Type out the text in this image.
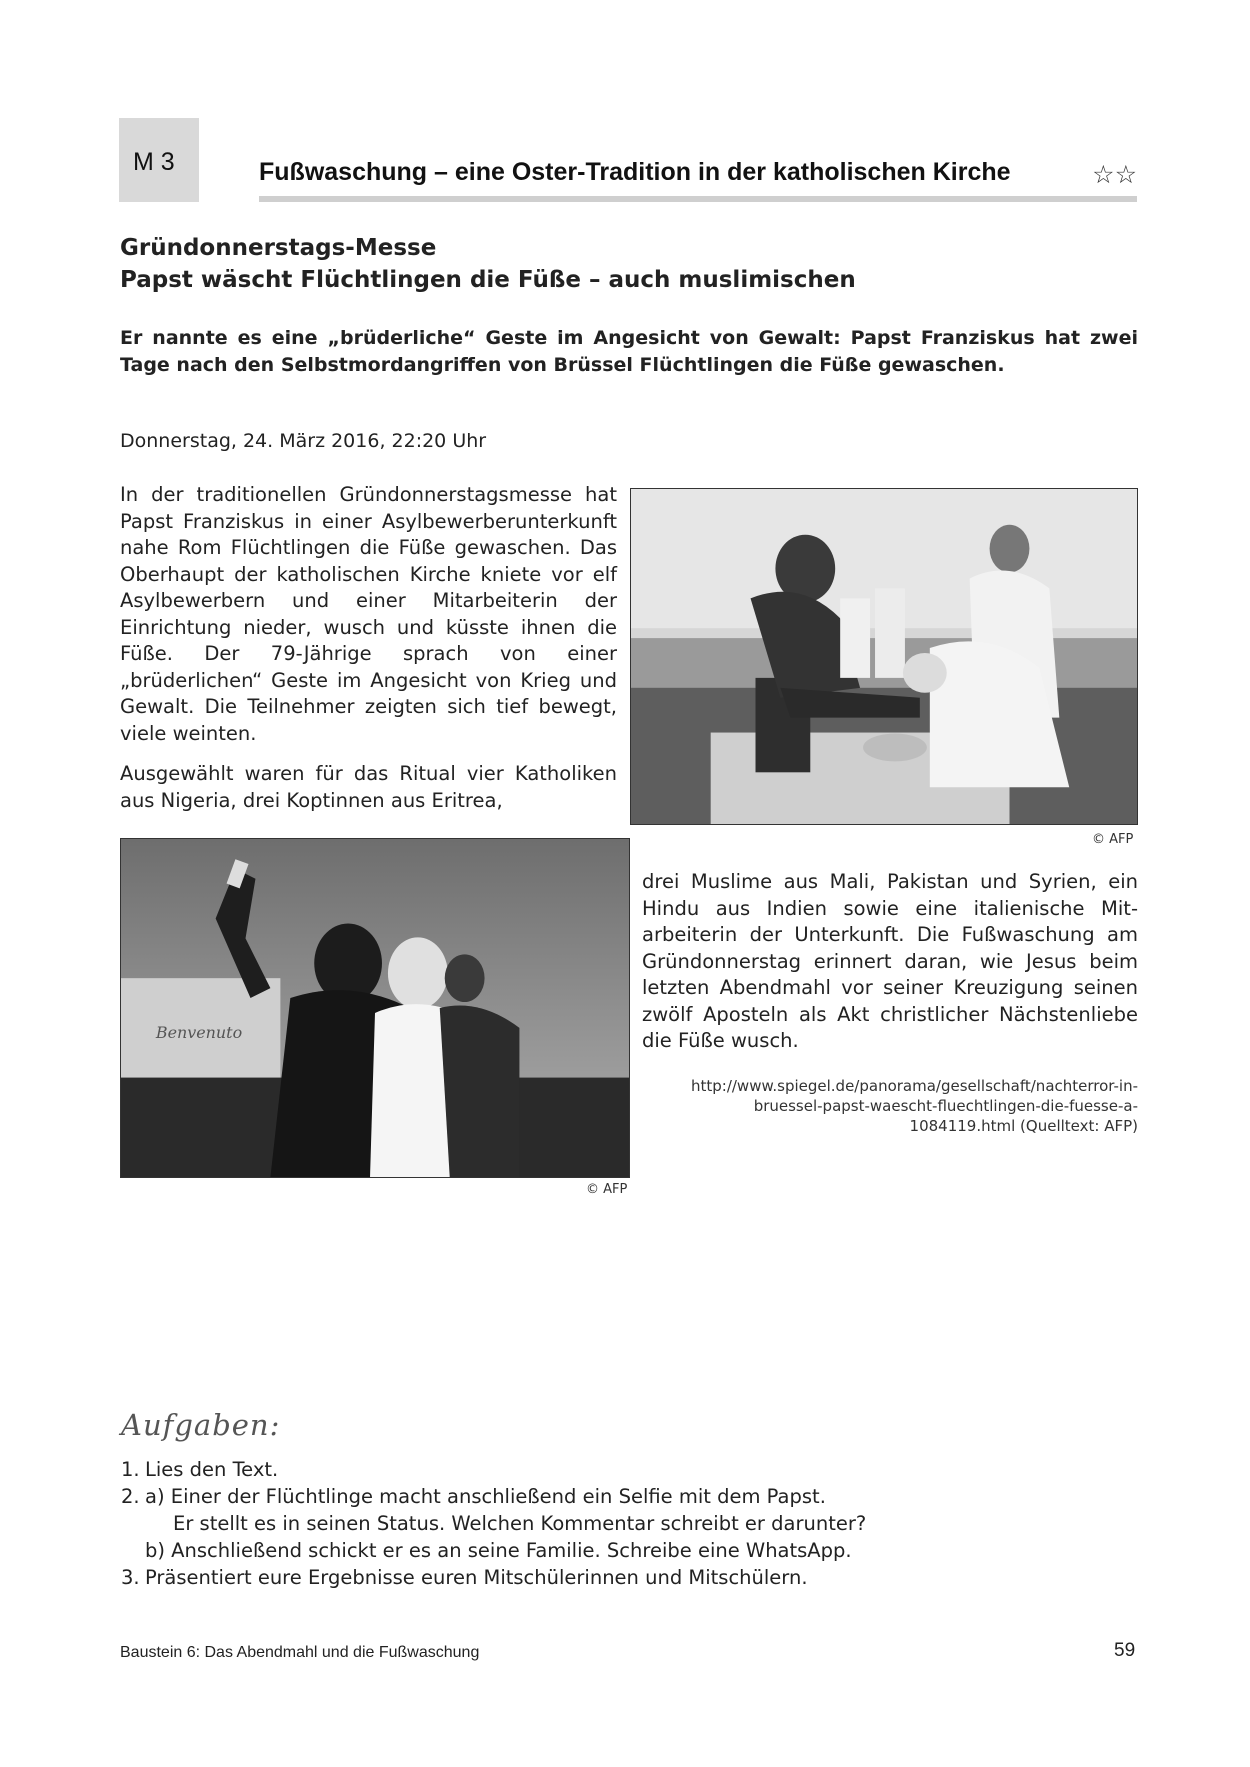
M 3	Fußwaschung – eine Oster-Tradition in der katholischen Kirche	☆☆
Gründonnerstags-Messe
Papst wäscht Flüchtlingen die Füße – auch muslimischen
Er nannte es eine „brüderliche“ Geste im Angesicht von Gewalt: Papst Franziskus hat zwei Tage nach den Selbstmordangriffen von Brüssel Flüchtlingen die Füße gewaschen.
Donnerstag, 24. März 2016, 22:20 Uhr

In der traditionellen Gründonnerstagsmesse hat Papst Franziskus in einer Asylbewerberunterkunft nahe Rom Flüchtlingen die Füße gewaschen. Das Oberhaupt der katholischen Kirche kniete vor elf Asylbewerbern und einer Mitarbeiterin der Einrichtung nieder, wusch und küsste ihnen die Füße. Der 79-Jährige sprach von einer „brüderlichen“ Geste im Angesicht von Krieg und Gewalt. Die Teilnehmer zeigten sich tief bewegt, viele weinten.

Ausgewählt waren für das Ritual vier Katholiken aus Nigeria, drei Koptinnen aus Eritrea,

© AFP
Benvenuto
© AFP

drei Muslime aus Mali, Pakistan und Syrien, ein Hindu aus Indien sowie eine italienische Mitarbeiterin der Unterkunft. Die Fußwaschung am Gründonnerstag erinnert daran, wie Jesus beim letzten Abendmahl vor seiner Kreuzigung seinen zwölf Aposteln als Akt christlicher Nächstenliebe die Füße wusch.

http://www.spiegel.de/panorama/gesellschaft/nachterror-in-bruessel-papst-waescht-fluechtlingen-die-fuesse-a-1084119.html (Quelltext: AFP)
Aufgaben:
1. Lies den Text.
2. a) Einer der Flüchtlinge macht anschließend ein Selfie mit dem Papst.
Er stellt es in seinen Status. Welchen Kommentar schreibt er darunter?
b) Anschließend schickt er es an seine Familie. Schreibe eine WhatsApp.
3. Präsentiert eure Ergebnisse euren Mitschülerinnen und Mitschülern.
Baustein 6: Das Abendmahl und die Fußwaschung	59
